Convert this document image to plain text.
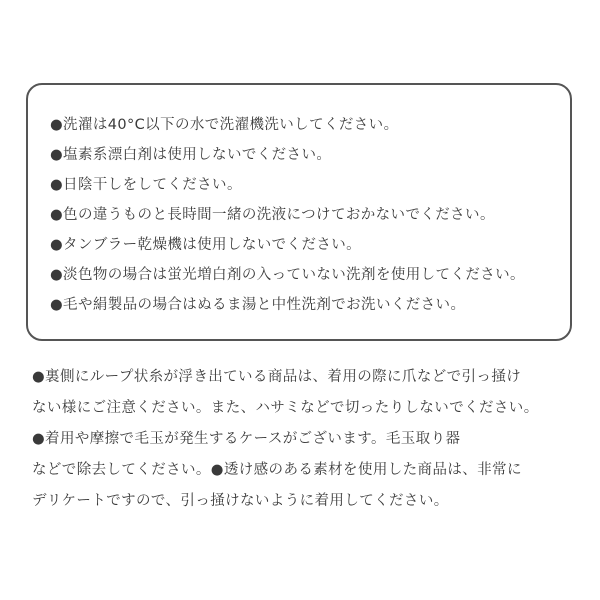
●洗濯は40°C以下の水で洗濯機洗いしてください。
●塩素系漂白剤は使用しないでください。
●日陰干しをしてください。
●色の違うものと長時間一緒の洗液につけておかないでください。
●タンブラー乾燥機は使用しないでください。
●淡色物の場合は蛍光増白剤の入っていない洗剤を使用してください。
●毛や絹製品の場合はぬるま湯と中性洗剤でお洗いください。

●裏側にループ状糸が浮き出ている商品は、着用の際に爪などで引っ掻け

ない様にご注意ください。また、ハサミなどで切ったりしないでください。

●着用や摩擦で毛玉が発生するケースがございます。毛玉取り器

などで除去してください。●透け感のある素材を使用した商品は、非常に

デリケートですので、引っ掻けないように着用してください。
